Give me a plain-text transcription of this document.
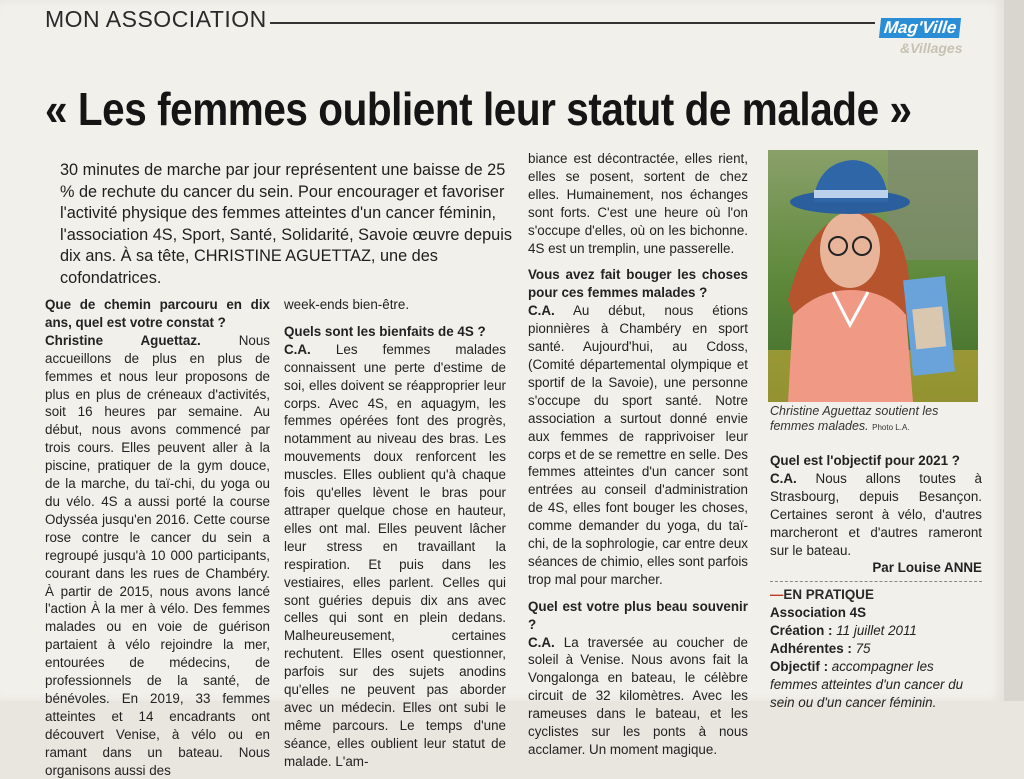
MON ASSOCIATION	Mag'Ville
&Villages
« Les femmes oublient leur statut de malade »
30 minutes de marche par jour représentent une baisse de 25 % de rechute du cancer du sein. Pour encourager et favoriser l'activité physique des femmes atteintes d'un cancer féminin, l'association 4S, Sport, Santé, Solidarité, Savoie œuvre depuis dix ans. À sa tête, CHRISTINE AGUETTAZ, une des cofondatrices.

Que de chemin parcouru en dix ans, quel est votre constat ?

Christine Aguettaz. Nous accueillons de plus en plus de femmes et nous leur proposons de plus en plus de créneaux d'activités, soit 16 heures par semaine. Au début, nous avons commencé par trois cours. Elles peuvent aller à la piscine, pratiquer de la gym douce, de la marche, du taï-chi, du yoga ou du vélo. 4S a aussi porté la course Odysséa jusqu'en 2016. Cette course rose contre le cancer du sein a regroupé jusqu'à 10 000 participants, courant dans les rues de Chambéry. À partir de 2015, nous avons lancé l'action À la mer à vélo. Des femmes malades ou en voie de guérison partaient à vélo rejoindre la mer, entourées de médecins, de professionnels de la santé, de bénévoles. En 2019, 33 femmes atteintes et 14 encadrants ont découvert Venise, à vélo ou en ramant dans un bateau. Nous organisons aussi des

week-ends bien-être.

Quels sont les bienfaits de 4S ?

C.A. Les femmes malades connaissent une perte d'estime de soi, elles doivent se réapproprier leur corps. Avec 4S, en aquagym, les femmes opérées font des progrès, notamment au niveau des bras. Les mouvements doux renforcent les muscles. Elles oublient qu'à chaque fois qu'elles lèvent le bras pour attraper quelque chose en hauteur, elles ont mal. Elles peuvent lâcher leur stress en travaillant la respiration. Et puis dans les vestiaires, elles parlent. Celles qui sont guéries depuis dix ans avec celles qui sont en plein dedans. Malheureusement, certaines rechutent. Elles osent questionner, parfois sur des sujets anodins qu'elles ne peuvent pas aborder avec un médecin. Elles ont subi le même parcours. Le temps d'une séance, elles oublient leur statut de malade. L'am-

biance est décontractée, elles rient, elles se posent, sortent de chez elles. Humainement, nos échanges sont forts. C'est une heure où l'on s'occupe d'elles, où on les bichonne. 4S est un tremplin, une passerelle.

Vous avez fait bouger les choses pour ces femmes malades ?

C.A. Au début, nous étions pionnières à Chambéry en sport santé. Aujourd'hui, au Cdoss, (Comité départemental olympique et sportif de la Savoie), une personne s'occupe du sport santé. Notre association a surtout donné envie aux femmes de rapprivoiser leur corps et de se remettre en selle. Des femmes atteintes d'un cancer sont entrées au conseil d'administration de 4S, elles font bouger les choses, comme demander du yoga, du taï-chi, de la sophrologie, car entre deux séances de chimio, elles sont parfois trop mal pour marcher.

Quel est votre plus beau souvenir ?

C.A. La traversée au coucher de soleil à Venise. Nous avons fait la Vongalonga en bateau, le célèbre circuit de 32 kilomètres. Avec les rameuses dans le bateau, et les cyclistes sur les ponts à nous acclamer. Un moment magique.

Christine Aguettaz soutient les femmes malades. Photo L.A.

Quel est l'objectif pour 2021 ?

C.A. Nous allons toutes à Strasbourg, depuis Besançon. Certaines seront à vélo, d'autres marcheront et d'autres rameront sur le bateau.

Par Louise ANNE

—EN PRATIQUE

Association 4S

Création : 11 juillet 2011

Adhérentes : 75

Objectif : accompagner les femmes atteintes d'un cancer du sein ou d'un cancer féminin.
